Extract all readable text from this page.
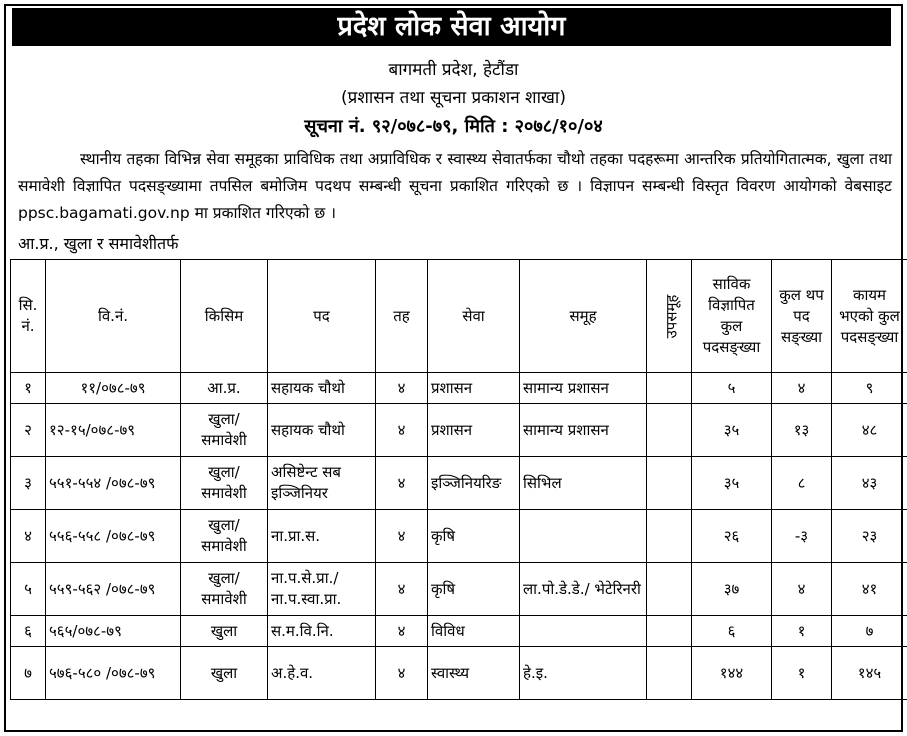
प्रदेश लोक सेवा आयोग
बागमती प्रदेश, हेटौंडा
(प्रशासन तथा सूचना प्रकाशन शाखा)
सूचना नं. ९२/०७८-७९, मिति : २०७८/१०/०४
स्थानीय तहका विभिन्न सेवा समूहका प्राविधिक तथा अप्राविधिक र स्वास्थ्य सेवातर्फका चौथो तहका पदहरूमा आन्तरिक प्रतियोगितात्मक, खुला तथा समावेशी विज्ञापित पदसङ्ख्यामा तपसिल बमोजिम पदथप सम्बन्धी सूचना प्रकाशित गरिएको छ । विज्ञापन सम्बन्धी विस्तृत विवरण आयोगको वेबसाइट ppsc.bagamati.gov.np मा प्रकाशित गरिएको छ ।
आ.प्र., खुला र समावेशीतर्फ
सि. नं.	वि.नं.	किसिम	पद	तह	सेवा	समूह	उपसमूह	साविक विज्ञापित कुल पदसङ्ख्या	कुल थप पद सङ्ख्या	कायम भएको कुल पदसङ्ख्या
१	११/०७८-७९	आ.प्र.	सहायक चौथो	४	प्रशासन	सामान्य प्रशासन		५	४	९
२	१२-१५/०७८-७९	खुला/ समावेशी	सहायक चौथो	४	प्रशासन	सामान्य प्रशासन		३५	१३	४८
३	५५१-५५४ /०७८-७९	खुला/ समावेशी	असिष्टेन्ट सब इञ्जिनियर	४	इञ्जिनियरिङ	सिभिल		३५	८	४३
४	५५६-५५८ /०७८-७९	खुला/ समावेशी	ना.प्रा.स.	४	कृषि			२६	-३	२३
५	५५९-५६२ /०७८-७९	खुला/ समावेशी	ना.प.से.प्रा./ ना.प.स्वा.प्रा.	४	कृषि	ला.पो.डे.डे./ भेटेरिनरी		३७	४	४१
६	५६५/०७८-७९	खुला	स.म.वि.नि.	४	विविध			६	१	७
७	५७६-५८० /०७८-७९	खुला	अ.हे.व.	४	स्वास्थ्य	हे.इ.		१४४	१	१४५
